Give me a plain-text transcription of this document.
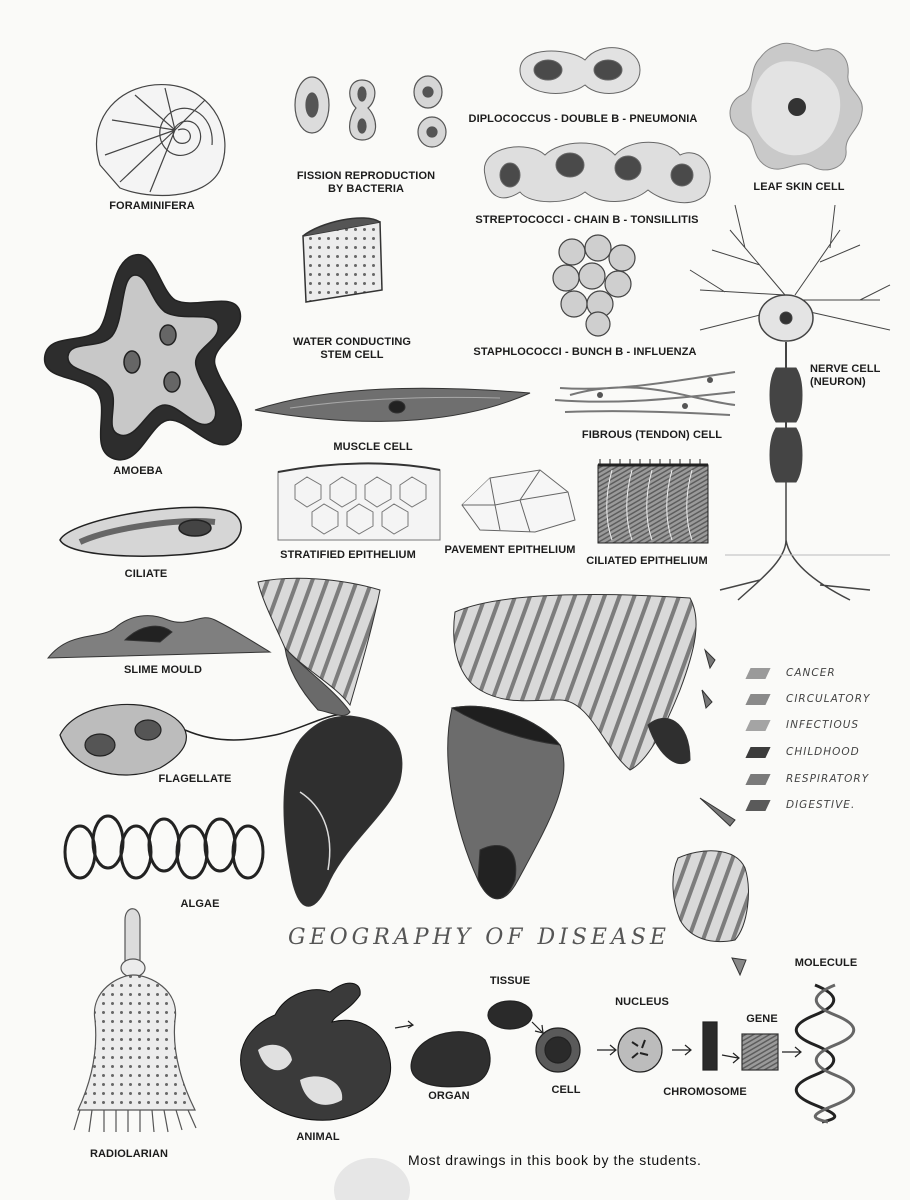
FORAMINIFERA
FISSION REPRODUCTION
BY BACTERIA
DIPLOCOCCUS - DOUBLE B - PNEUMONIA
STREPTOCOCCI - CHAIN B - TONSILLITIS
LEAF SKIN CELL
WATER CONDUCTING
STEM CELL	STAPHLOCOCCI - BUNCH B - INFLUENZA
NERVE CELL
(NEURON)
AMOEBA
MUSCLE CELL
FIBROUS (TENDON) CELL
CILIATE
STRATIFIED EPITHELIUM	PAVEMENT EPITHELIUM
CILIATED EPITHELIUM
SLIME MOULD
FLAGELLATE
ALGAE
RADIOLARIAN
ANIMAL
ORGAN
TISSUE
CELL
NUCLEUS
CHROMOSOME
GENE
MOLECULE
GEOGRAPHY OF DISEASE
CANCER
CIRCULATORY
INFECTIOUS
CHILDHOOD
RESPIRATORY
DIGESTIVE.
Most drawings in this book by the students.
